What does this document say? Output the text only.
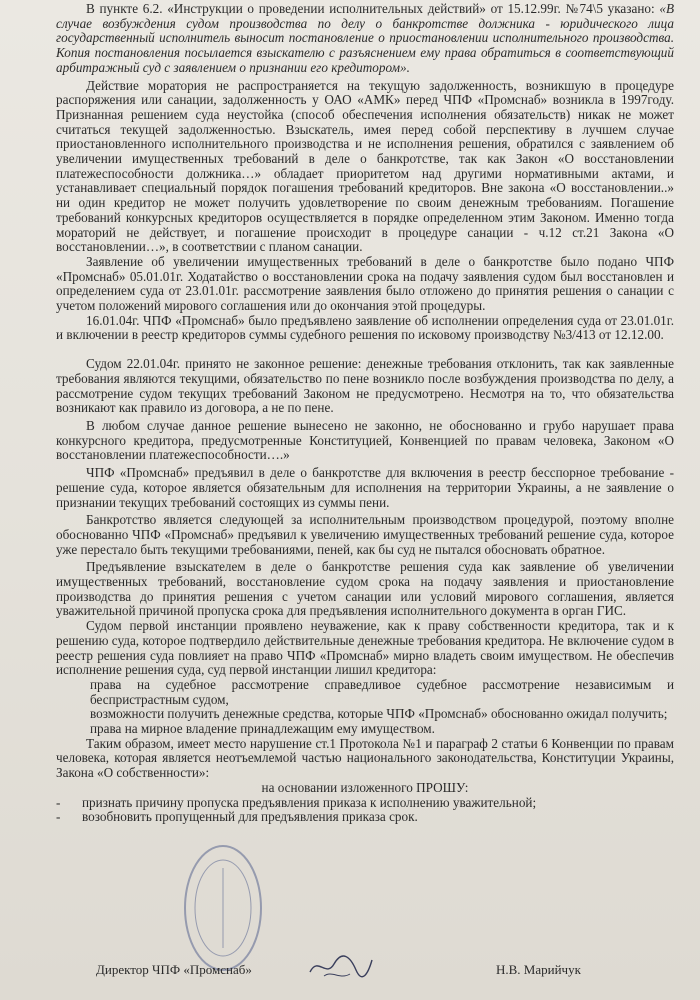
В пункте 6.2. «Инструкции о проведении исполнительных действий» от 15.12.99г. №74\5 указано: «В случае возбуждения судом производства по делу о банкротстве должника - юридического лица государственный исполнитель выносит постановление о приостановлении исполнительного производства. Копия постановления посылается взыскателю с разъяснением ему права обратиться в соответствующий арбитражный суд с заявлением о признании его кредитором».

Действие моратория не распространяется на текущую задолженность, возникшую в процедуре распоряжения или санации, задолженность у ОАО «АМК» перед ЧПФ «Промснаб» возникла в 1997году. Признанная решением суда неустойка (способ обеспечения исполнения обязательств) никак не может считаться текущей задолженностью. Взыскатель, имея перед собой перспективу в лучшем случае приостановленного исполнительного производства и не исполнения решения, обратился с заявлением об увеличении имущественных требований в деле о банкротстве, так как Закон «О восстановлении платежеспособности должника…» обладает приоритетом над другими нормативными актами, и устанавливает специальный порядок погашения требований кредиторов. Вне закона «О восстановлении..» ни один кредитор не может получить удовлетворение по своим денежным требованиям. Погашение требований конкурсных кредиторов осуществляется в порядке определенном этим Законом. Именно тогда мораторий не действует, и погашение происходит в процедуре санации - ч.12 ст.21 Закона «О восстановлении…», в соответствии с планом санации.

Заявление об увеличении имущественных требований в деле о банкротстве было подано ЧПФ «Промснаб» 05.01.01г. Ходатайство о восстановлении срока на подачу заявления судом был восстановлен и определением суда от 23.01.01г. рассмотрение заявления было отложено до принятия решения о санации с учетом положений мирового соглашения или до окончания этой процедуры.

16.01.04г. ЧПФ «Промснаб» было предъявлено заявление об исполнении определения суда от 23.01.01г. и включении в реестр кредиторов суммы судебного решения по исковому производству №3/413 от 12.12.00.

Судом 22.01.04г. принято не законное решение: денежные требования отклонить, так как заявленные требования являются текущими, обязательство по пене возникло после возбуждения производства по делу, а рассмотрение судом текущих требований Законом не предусмотрено. Несмотря на то, что обязательства возникают как правило из договора, а не по пене.

В любом случае данное решение вынесено не законно, не обоснованно и грубо нарушает права конкурсного кредитора, предусмотренные Конституцией, Конвенцией по правам человека, Законом «О восстановлении платежеспособности….»

ЧПФ «Промснаб» предъявил в деле о банкротстве для включения в реестр бесспорное требование - решение суда, которое является обязательным для исполнения на территории Украины, а не заявление о признании текущих требований состоящих из суммы пени.

Банкротство является следующей за исполнительным производством процедурой, поэтому вполне обоснованно ЧПФ «Промснаб» предъявил к увеличению имущественных требований решение суда, которое уже перестало быть текущими требованиями, пеней, как бы суд не пытался обосновать обратное.

Предъявление взыскателем в деле о банкротстве решения суда как заявление об увеличении имущественных требований, восстановление судом срока на подачу заявления и приостановление производства до принятия решения с учетом санации или условий мирового соглашения, является уважительной причиной пропуска срока для предъявления исполнительного документа в орган ГИС.

Судом первой инстанции проявлено неуважение, как к праву собственности кредитора, так и к решению суда, которое подтвердило действительные денежные требования кредитора. Не включение судом в реестр решения суда повлияет на право ЧПФ «Промснаб» мирно владеть своим имуществом. Не обеспечив исполнение решения суда, суд первой инстанции лишил кредитора:

права на судебное рассмотрение справедливое судебное рассмотрение независимым и беспристрастным судом,

возможности получить денежные средства, которые ЧПФ «Промснаб» обоснованно ожидал получить;

права на мирное владение принадлежащим ему имуществом.

Таким образом, имеет место нарушение ст.1 Протокола №1 и параграф 2 статьи 6 Конвенции по правам человека, которая является неотъемлемой частью национального законодательства, Конституции Украины, Закона «О собственности»:

на основании изложенного ПРОШУ:

- признать причину пропуска предъявления приказа к исполнению уважительной;

- возобновить пропущенный для предъявления приказа срок.

Директор ЧПФ «Промснаб»	Н.В. Марийчук
